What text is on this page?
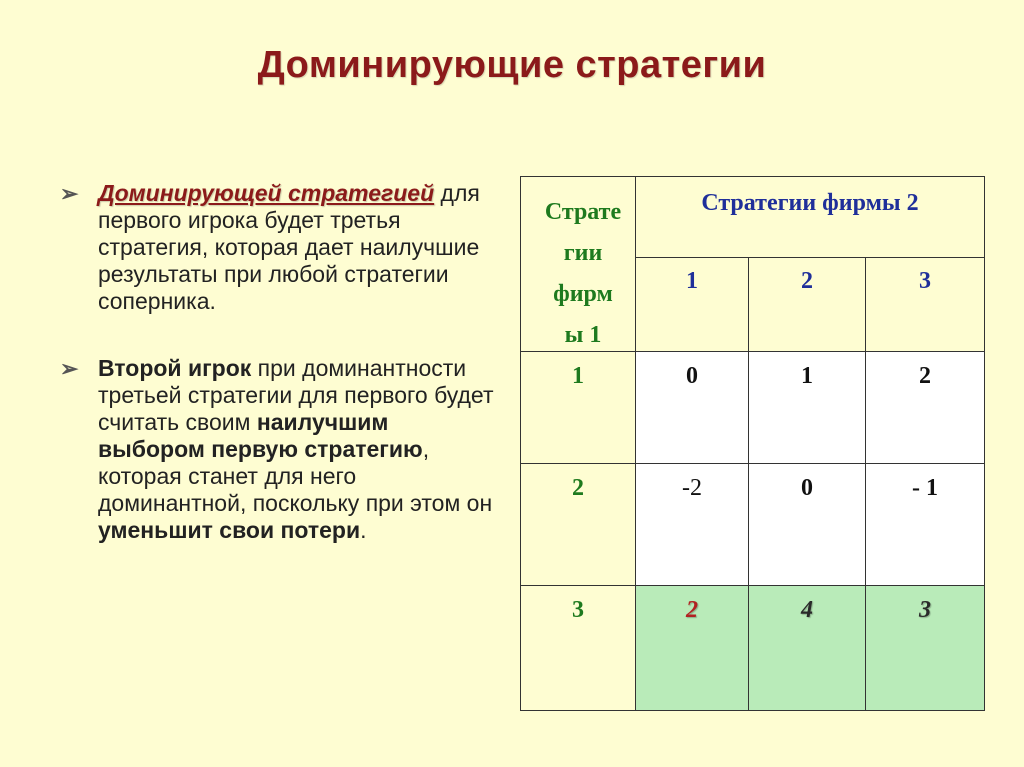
Доминирующие стратегии
➢ Доминирующей стратегией для первого игрока будет третья стратегия, которая дает наилучшие результаты при любой стратегии соперника.
➢ Второй игрок при доминантности третьей стратегии для первого будет считать своим наилучшим выбором первую стратегию, которая станет для него доминантной, поскольку при этом он уменьшит свои потери.
Страте
гии
фирм
ы 1	Стратегии фирмы 2		
	1	2	3
1	0	1	2
2	-2	0	- 1
3	2	4	3
